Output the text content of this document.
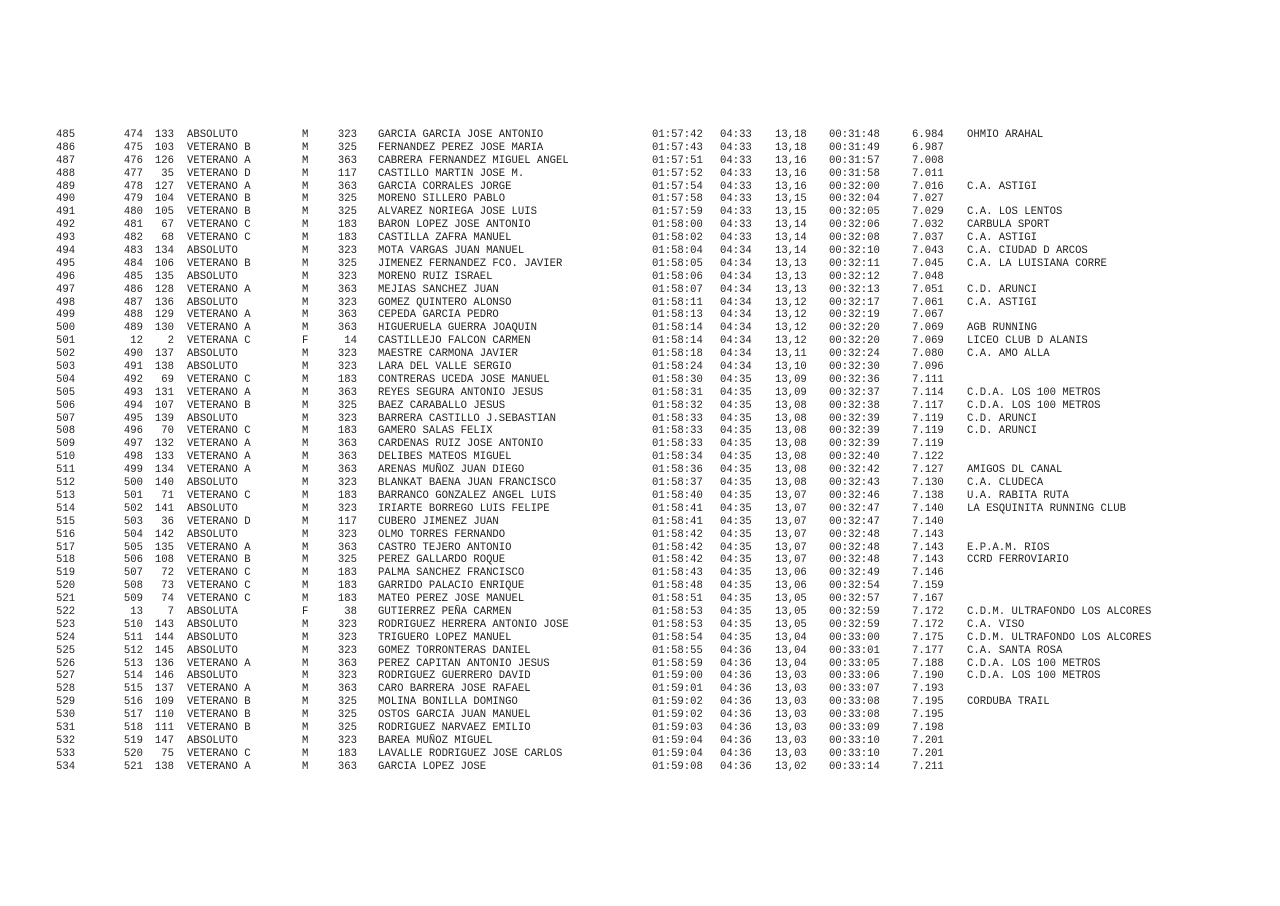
485	474 133 ABSOLUTO	M	323 GARCIA GARCIA JOSE ANTONIO	01:57:42 04:33 13,18 00:31:48	6.984 OHMIO ARAHAL
486	475 103 VETERANO B	M	325 FERNANDEZ PEREZ JOSE MARIA	01:57:43 04:33 13,18 00:31:49	6.987
487	476 126 VETERANO A	M	363 CABRERA FERNANDEZ MIGUEL ANGEL	01:57:51 04:33 13,16 00:31:57	7.008
488	477	35 VETERANO D	M	117 CASTILLO MARTIN JOSE M.	01:57:52 04:33 13,16 00:31:58	7.011
489	478 127 VETERANO A	M	363 GARCIA CORRALES JORGE	01:57:54 04:33 13,16 00:32:00	7.016 C.A. ASTIGI
490	479 104 VETERANO B	M	325 MORENO SILLERO PABLO	01:57:58 04:33 13,15 00:32:04	7.027
491	480 105 VETERANO B	M	325 ALVAREZ NORIEGA JOSE LUIS	01:57:59 04:33 13,15 00:32:05	7.029 C.A. LOS LENTOS
492	481	67 VETERANO C	M	183 BARON LOPEZ JOSE ANTONIO	01:58:00 04:33 13,14 00:32:06	7.032 CARBULA SPORT
493	482	68 VETERANO C	M	183 CASTILLA ZAFRA MANUEL	01:58:02 04:33 13,14 00:32:08	7.037 C.A. ASTIGI
494	483 134 ABSOLUTO	M	323 MOTA VARGAS JUAN MANUEL	01:58:04 04:34 13,14 00:32:10	7.043 C.A. CIUDAD D ARCOS
495	484 106 VETERANO B	M	325 JIMENEZ FERNANDEZ FCO. JAVIER	01:58:05 04:34 13,13 00:32:11	7.045 C.A. LA LUISIANA CORRE
496	485 135 ABSOLUTO	M	323 MORENO RUIZ ISRAEL	01:58:06 04:34 13,13 00:32:12	7.048
497	486 128 VETERANO A	M	363 MEJIAS SANCHEZ JUAN	01:58:07 04:34 13,13 00:32:13	7.051 C.D. ARUNCI
498	487 136 ABSOLUTO	M	323 GOMEZ QUINTERO ALONSO	01:58:11 04:34 13,12 00:32:17	7.061 C.A. ASTIGI
499	488 129 VETERANO A	M	363 CEPEDA GARCIA PEDRO	01:58:13 04:34 13,12 00:32:19	7.067
500	489 130 VETERANO A	M	363 HIGUERUELA GUERRA JOAQUIN	01:58:14 04:34 13,12 00:32:20	7.069 AGB RUNNING
501	12	2 VETERANA C	F	14 CASTILLEJO FALCON CARMEN	01:58:14 04:34 13,12 00:32:20	7.069 LICEO CLUB D ALANIS
502	490 137 ABSOLUTO	M	323 MAESTRE CARMONA JAVIER	01:58:18 04:34 13,11 00:32:24	7.080 C.A. AMO ALLA
503	491 138 ABSOLUTO	M	323 LARA DEL VALLE SERGIO	01:58:24 04:34 13,10 00:32:30	7.096
504	492	69 VETERANO C	M	183 CONTRERAS UCEDA JOSE MANUEL	01:58:30 04:35 13,09 00:32:36	7.111
505	493 131 VETERANO A	M	363 REYES SEGURA ANTONIO JESUS	01:58:31 04:35 13,09 00:32:37	7.114 C.D.A. LOS 100 METROS
506	494 107 VETERANO B	M	325 BAEZ CARABALLO JESUS	01:58:32 04:35 13,08 00:32:38	7.117 C.D.A. LOS 100 METROS
507	495 139 ABSOLUTO	M	323 BARRERA CASTILLO J.SEBASTIAN	01:58:33 04:35 13,08 00:32:39	7.119 C.D. ARUNCI
508	496	70 VETERANO C	M	183 GAMERO SALAS FELIX	01:58:33 04:35 13,08 00:32:39	7.119 C.D. ARUNCI
509	497 132 VETERANO A	M	363 CARDENAS RUIZ JOSE ANTONIO	01:58:33 04:35 13,08 00:32:39	7.119
510	498 133 VETERANO A	M	363 DELIBES MATEOS MIGUEL	01:58:34 04:35 13,08 00:32:40	7.122
511	499 134 VETERANO A	M	363 ARENAS MUÑOZ JUAN DIEGO	01:58:36 04:35 13,08 00:32:42	7.127 AMIGOS DL CANAL
512	500 140 ABSOLUTO	M	323 BLANKAT BAENA JUAN FRANCISCO	01:58:37 04:35 13,08 00:32:43	7.130 C.A. CLUDECA
513	501	71 VETERANO C	M	183 BARRANCO GONZALEZ ANGEL LUIS	01:58:40 04:35 13,07 00:32:46	7.138 U.A. RABITA RUTA
514	502 141 ABSOLUTO	M	323 IRIARTE BORREGO LUIS FELIPE	01:58:41 04:35 13,07 00:32:47	7.140 LA ESQUINITA RUNNING CLUB
515	503	36 VETERANO D	M	117 CUBERO JIMENEZ JUAN	01:58:41 04:35 13,07 00:32:47	7.140
516	504 142 ABSOLUTO	M	323 OLMO TORRES FERNANDO	01:58:42 04:35 13,07 00:32:48	7.143
517	505 135 VETERANO A	M	363 CASTRO TEJERO ANTONIO	01:58:42 04:35 13,07 00:32:48	7.143 E.P.A.M. RIOS
518	506 108 VETERANO B	M	325 PEREZ GALLARDO ROQUE	01:58:42 04:35 13,07 00:32:48	7.143 CCRD FERROVIARIO
519	507	72 VETERANO C	M	183 PALMA SANCHEZ FRANCISCO	01:58:43 04:35 13,06 00:32:49	7.146
520	508	73 VETERANO C	M	183 GARRIDO PALACIO ENRIQUE	01:58:48 04:35 13,06 00:32:54	7.159
521	509	74 VETERANO C	M	183 MATEO PEREZ JOSE MANUEL	01:58:51 04:35 13,05 00:32:57	7.167
522	13	7 ABSOLUTA	F	38 GUTIERREZ PEÑA CARMEN	01:58:53 04:35 13,05 00:32:59	7.172 C.D.M. ULTRAFONDO LOS ALCORES
523	510 143 ABSOLUTO	M	323 RODRIGUEZ HERRERA ANTONIO JOSE	01:58:53 04:35 13,05 00:32:59	7.172 C.A. VISO
524	511 144 ABSOLUTO	M	323 TRIGUERO LOPEZ MANUEL	01:58:54 04:35 13,04 00:33:00	7.175 C.D.M. ULTRAFONDO LOS ALCORES
525	512 145 ABSOLUTO	M	323 GOMEZ TORRONTERAS DANIEL	01:58:55 04:36 13,04 00:33:01	7.177 C.A. SANTA ROSA
526	513 136 VETERANO A	M	363 PEREZ CAPITAN ANTONIO JESUS	01:58:59 04:36 13,04 00:33:05	7.188 C.D.A. LOS 100 METROS
527	514 146 ABSOLUTO	M	323 RODRIGUEZ GUERRERO DAVID	01:59:00 04:36 13,03 00:33:06	7.190 C.D.A. LOS 100 METROS
528	515 137 VETERANO A	M	363 CARO BARRERA JOSE RAFAEL	01:59:01 04:36 13,03 00:33:07	7.193
529	516 109 VETERANO B	M	325 MOLINA BONILLA DOMINGO	01:59:02 04:36 13,03 00:33:08	7.195 CORDUBA TRAIL
530	517 110 VETERANO B	M	325 OSTOS GARCIA JUAN MANUEL	01:59:02 04:36 13,03 00:33:08	7.195
531	518 111 VETERANO B	M	325 RODRIGUEZ NARVAEZ EMILIO	01:59:03 04:36 13,03 00:33:09	7.198
532	519 147 ABSOLUTO	M	323 BAREA MUÑOZ MIGUEL	01:59:04 04:36 13,03 00:33:10	7.201
533	520	75 VETERANO C	M	183 LAVALLE RODRIGUEZ JOSE CARLOS	01:59:04 04:36 13,03 00:33:10	7.201
534	521 138 VETERANO A	M	363 GARCIA LOPEZ JOSE	01:59:08 04:36 13,02 00:33:14	7.211
